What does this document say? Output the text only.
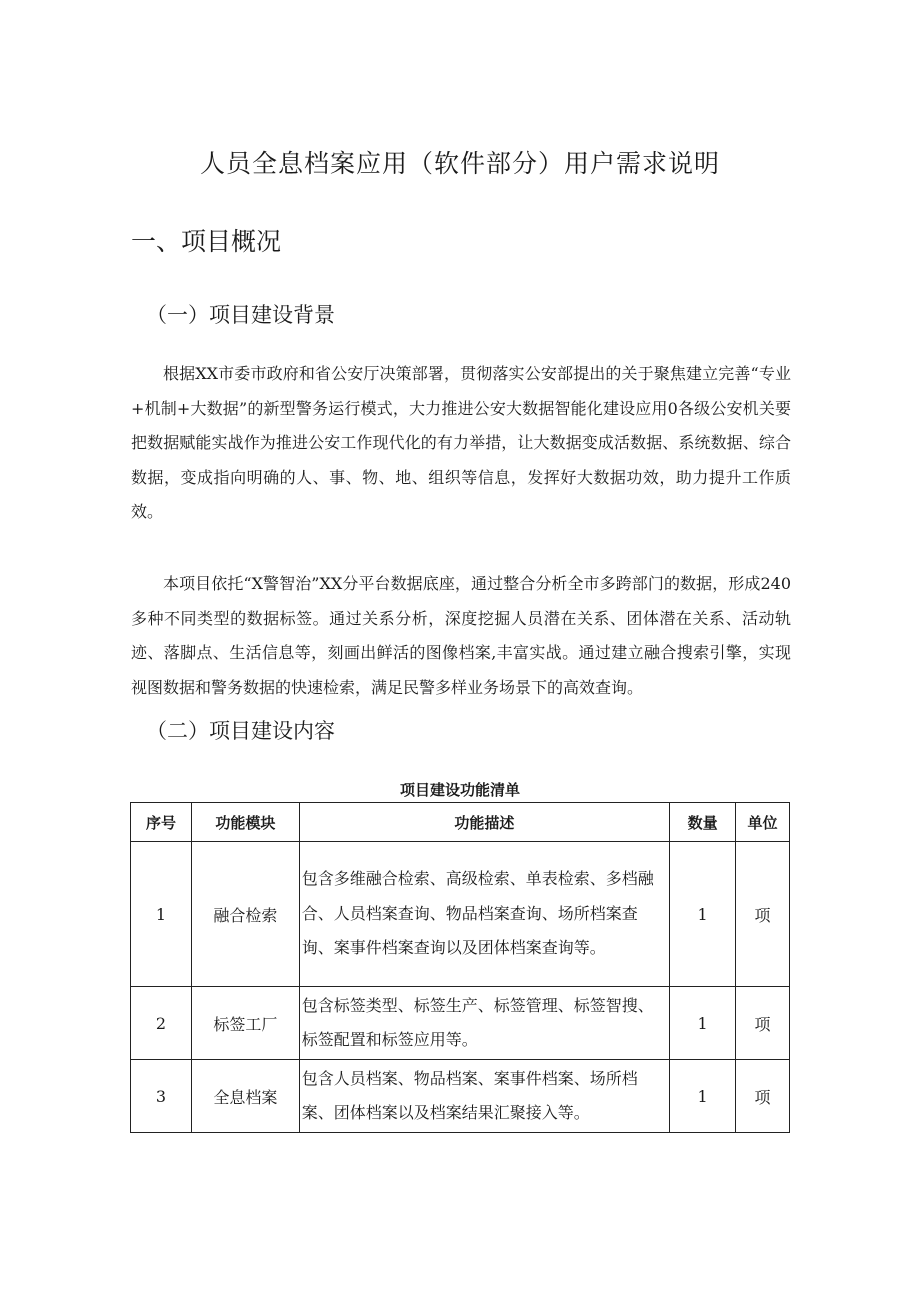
人员全息档案应用（软件部分）用户需求说明
一、项目概况
（一）项目建设背景

根据XX市委市政府和省公安厅决策部署，贯彻落实公安部提出的关于聚焦建立完善“专业+机制+大数据”的新型警务运行模式，大力推进公安大数据智能化建设应用0各级公安机关要把数据赋能实战作为推进公安工作现代化的有力举措，让大数据变成活数据、系统数据、综合数据，变成指向明确的人、事、物、地、组织等信息，发挥好大数据功效，助力提升工作质效。

本项目依托“X警智治”XX分平台数据底座，通过整合分析全市多跨部门的数据，形成240多种不同类型的数据标签。通过关系分析，深度挖掘人员潜在关系、团体潜在关系、活动轨迹、落脚点、生活信息等，刻画出鲜活的图像档案,丰富实战。通过建立融合搜索引擎，实现视图数据和警务数据的快速检索，满足民警多样业务场景下的高效查询。

（二）项目建设内容
项目建设功能清单
序号	功能模块	功能描述	数量	单位
1	融合检索	包含多维融合检索、高级检索、单表检索、多档融合、人员档案查询、物品档案查询、场所档案查询、案事件档案查询以及团体档案查询等。	1	项
2	标签工厂	包含标签类型、标签生产、标签管理、标签智搜、标签配置和标签应用等。	1	项
3	全息档案	包含人员档案、物品档案、案事件档案、场所档案、团体档案以及档案结果汇聚接入等。	1	项
